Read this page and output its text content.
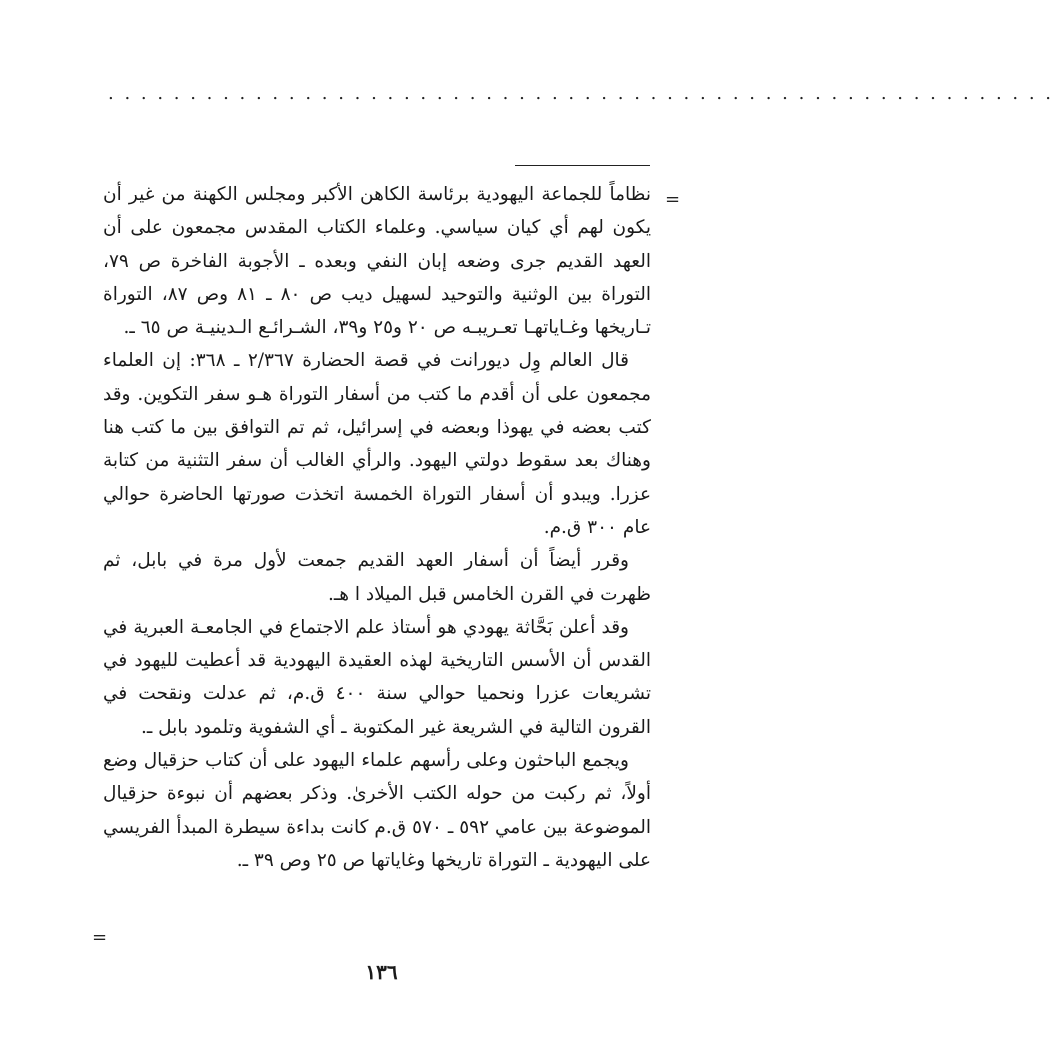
. . . . . . . . . . . . . . . . . . . . . . . . . . . . . . . . . . . . . . . . . . . . . . . . . . . . . . . . . .
=

نظاماً للجماعة اليهودية برئاسة الكاهن الأكبر ومجلس الكهنة من غير أن يكون لهم أي كيان سياسي. وعلماء الكتاب المقدس مجمعون على أن العهد القديم جرى وضعه إبان النفي وبعده ـ الأجوبة الفاخرة ص ٧٩، التوراة بين الوثنية والتوحيد لسهيل ديب ص ٨٠ ـ ٨١ وص ٨٧، التوراة تـاريخها وغـاياتهـا تعـريبـه ص ٢٠ و٢٥ و٣٩، الشـرائـع الـدينيـة ص ٦٥ ـ.

قال العالم وِل ديورانت في قصة الحضارة ٢/٣٦٧ ـ ٣٦٨: إن العلماء مجمعون على أن أقدم ما كتب من أسفار التوراة هـو سفر التكوين. وقد كتب بعضه في يهوذا وبعضه في إسرائيل، ثم تم التوافق بين ما كتب هنا وهناك بعد سقوط دولتي اليهود. والرأي الغالب أن سفر التثنية من كتابة عزرا. ويبدو أن أسفار التوراة الخمسة اتخذت صورتها الحاضرة حوالي عام ٣٠٠ ق.م.

وقرر أيضاً أن أسفار العهد القديم جمعت لأول مرة في بابل، ثم ظهرت في القرن الخامس قبل الميلاد ا هـ.

وقد أعلن بَحَّاثة يهودي هو أستاذ علم الاجتماع في الجامعـة العبرية في القدس أن الأسس التاريخية لهذه العقيدة اليهودية قد أعطيت لليهود في تشريعات عزرا ونحميا حوالي سنة ٤٠٠ ق.م، ثم عدلت ونقحت في القرون التالية في الشريعة غير المكتوبة ـ أي الشفوية وتلمود بابل ـ.

ويجمع الباحثون وعلى رأسهم علماء اليهود على أن كتاب حزقيال وضع أولاً، ثم ركبت من حوله الكتب الأخرىٰ. وذكر بعضهم أن نبوءة حزقيال الموضوعة بين عامي ٥٩٢ ـ ٥٧٠ ق.م كانت بداءة سيطرة المبدأ الفريسي على اليهودية ـ التوراة تاريخها وغاياتها ص ٢٥ وص ٣٩ ـ.

=
١٣٦
